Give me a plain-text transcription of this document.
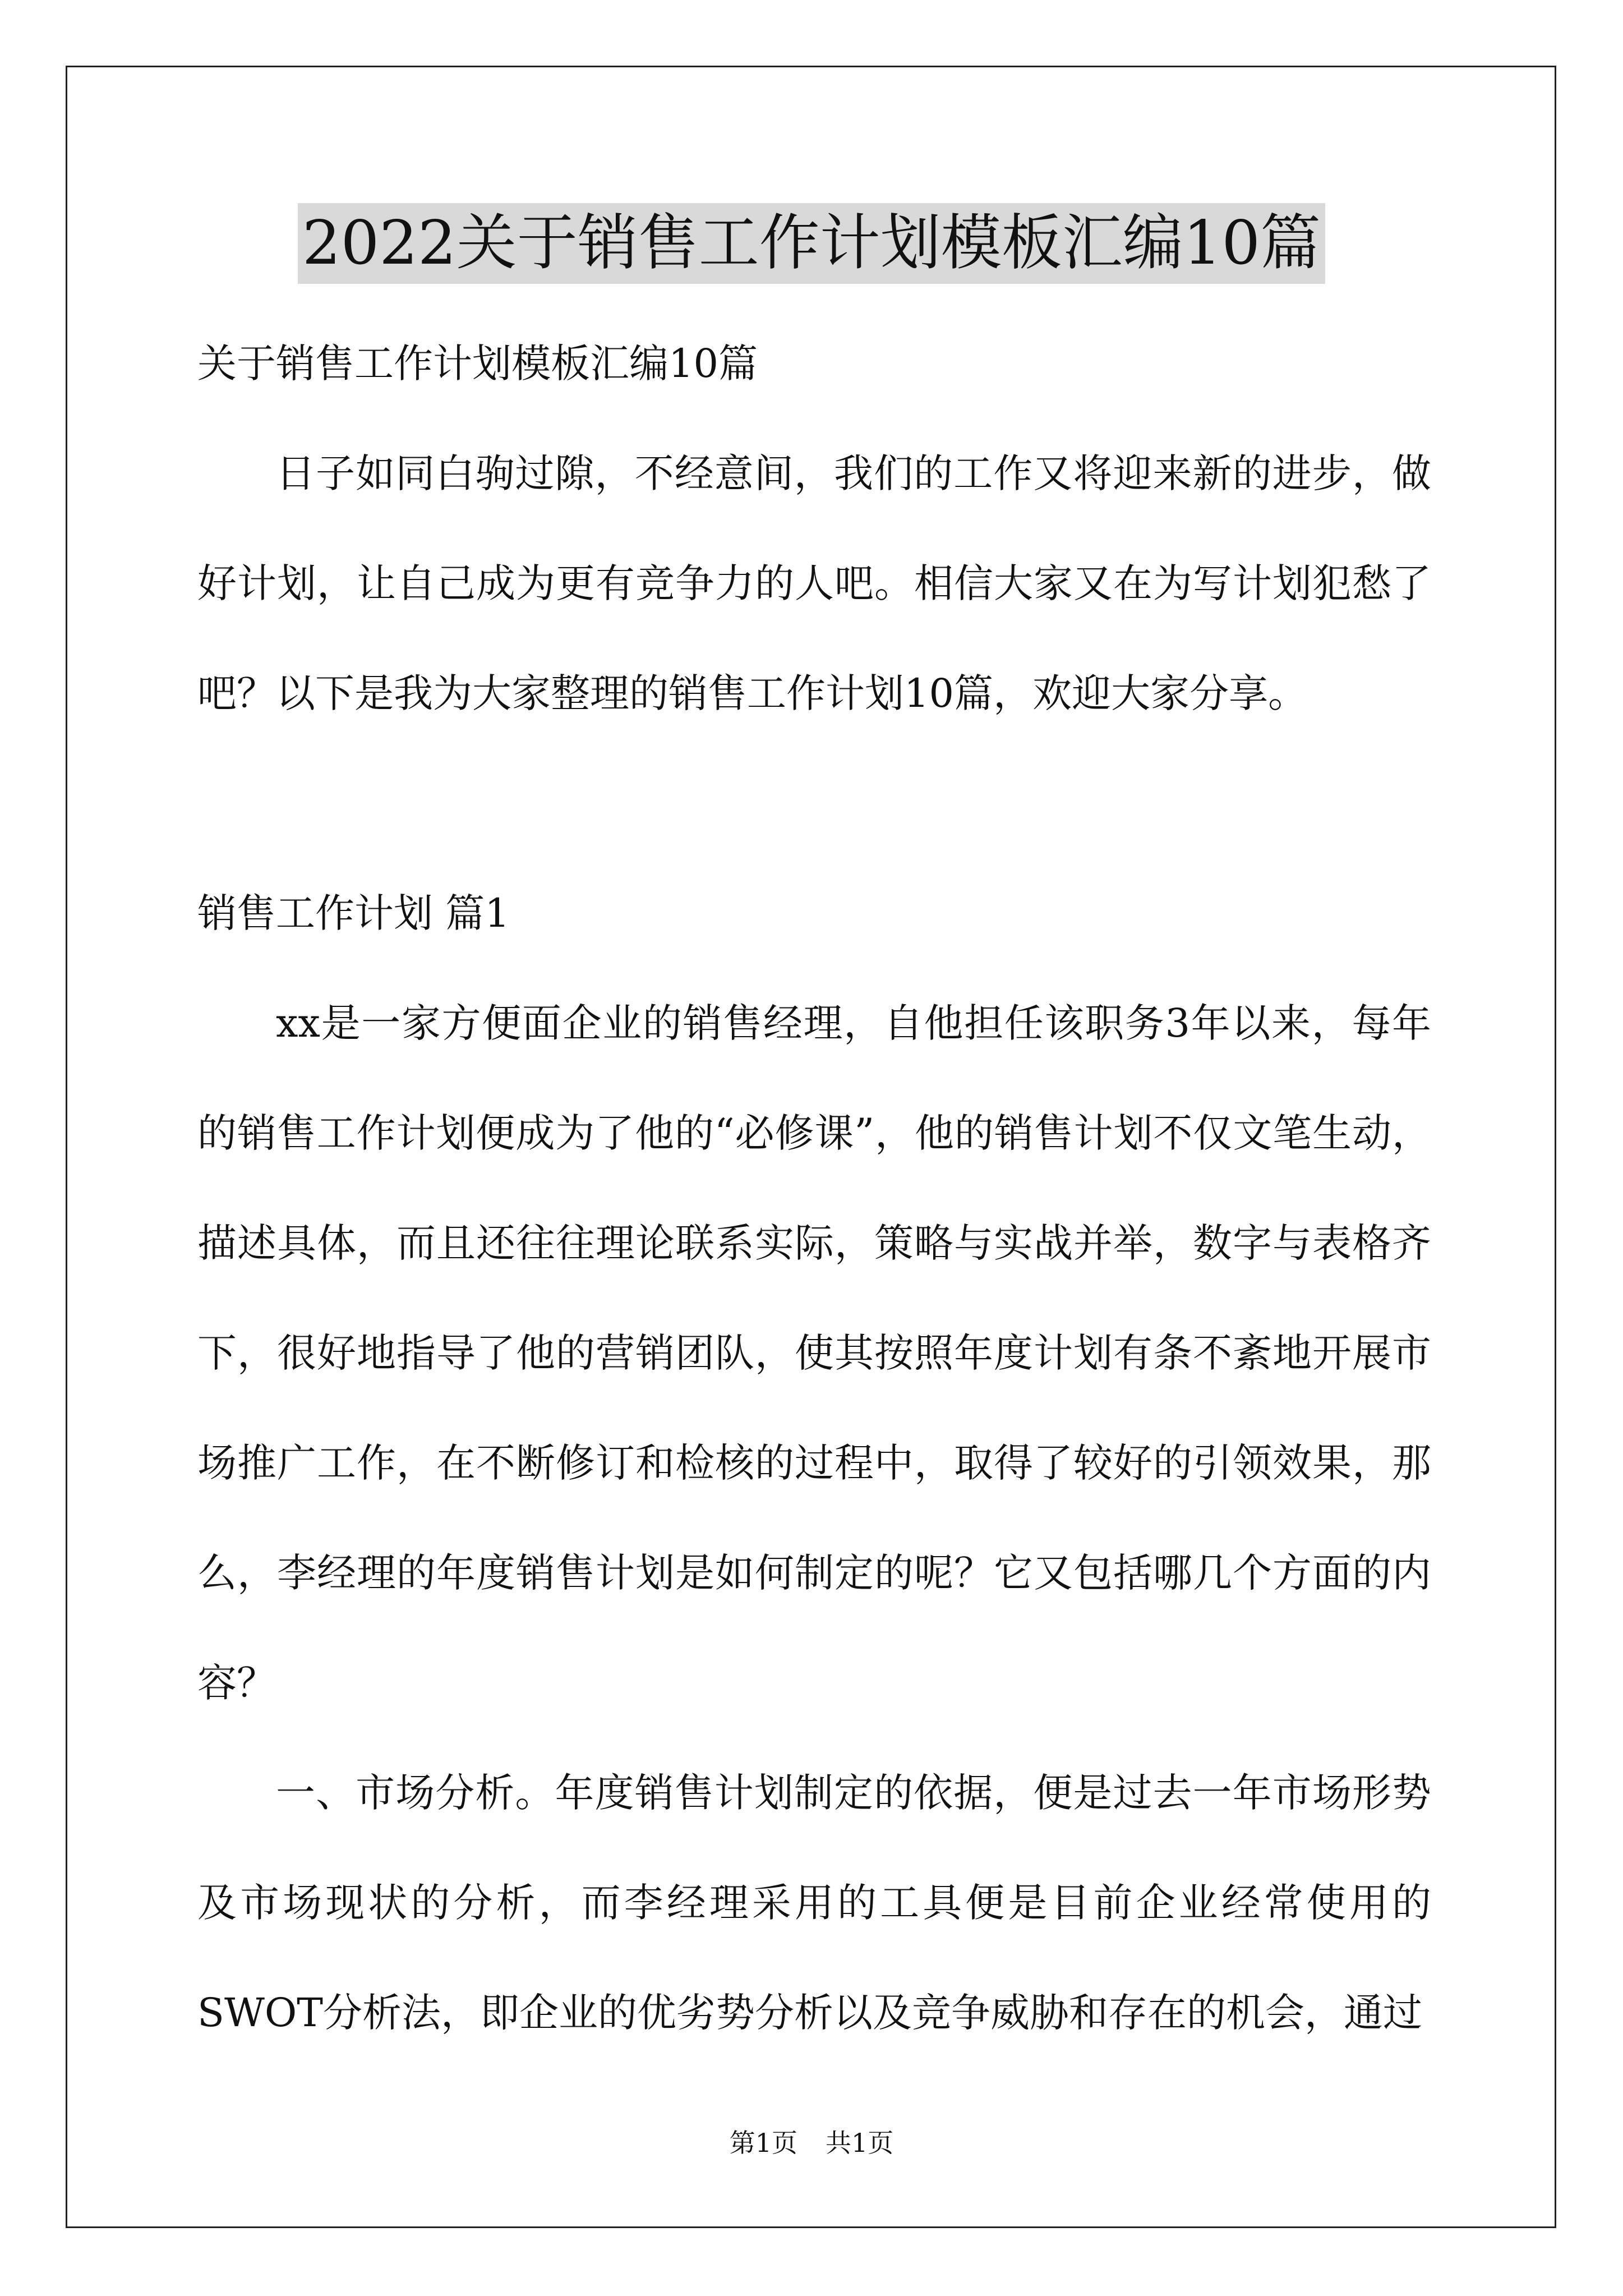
2022关于销售工作计划模板汇编10篇
关于销售工作计划模板汇编10篇

日子如同白驹过隙，不经意间，我们的工作又将迎来新的进步，做好计划，让自己成为更有竞争力的人吧。相信大家又在为写计划犯愁了吧？以下是我为大家整理的销售工作计划10篇，欢迎大家分享。

销售工作计划 篇1

xx是一家方便面企业的销售经理，自他担任该职务3年以来，每年的销售工作计划便成为了他的“必修课”，他的销售计划不仅文笔生动，描述具体，而且还往往理论联系实际，策略与实战并举，数字与表格齐下，很好地指导了他的营销团队，使其按照年度计划有条不紊地开展市场推广工作，在不断修订和检核的过程中，取得了较好的引领效果，那么，李经理的年度销售计划是如何制定的呢？它又包括哪几个方面的内容？

一、市场分析。年度销售计划制定的依据，便是过去一年市场形势及市场现状的分析，而李经理采用的工具便是目前企业经常使用的SWOT分析法，即企业的优劣势分析以及竞争威胁和存在的机会，通过

第1页 共1页
